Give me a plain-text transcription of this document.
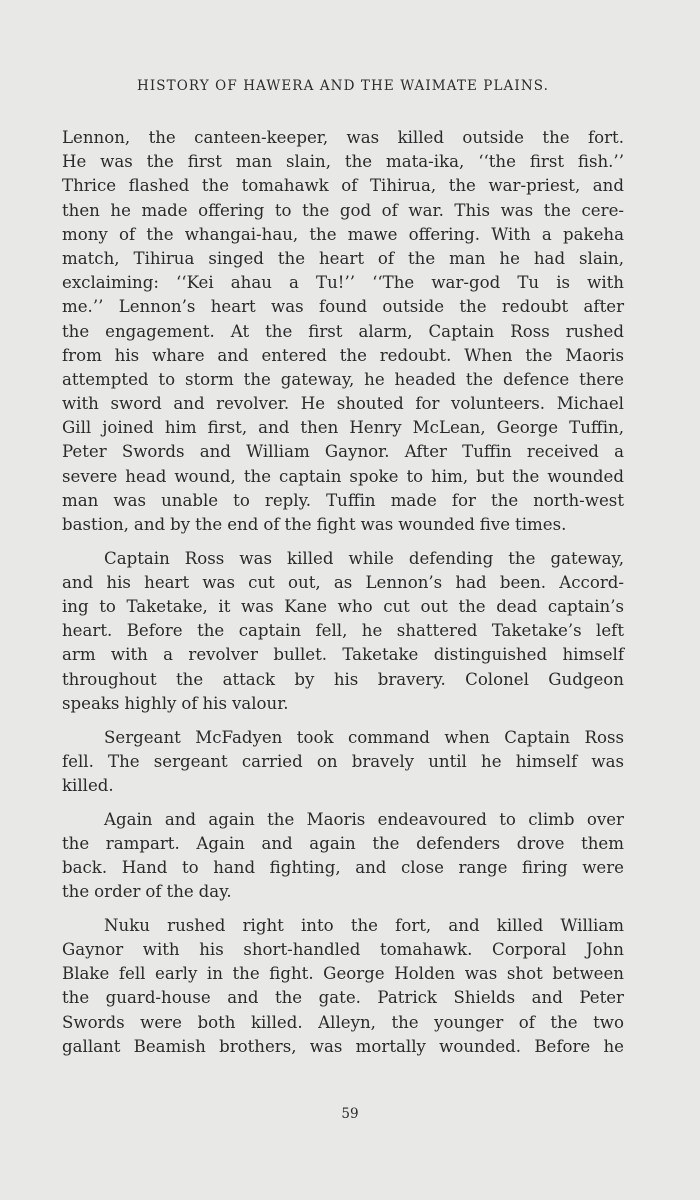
HISTORY OF HAWERA AND THE WAIMATE PLAINS.
Lennon, the canteen-keeper, was killed outside the fort.
He was the first man slain, the mata-ika, ‘‘the first fish.’’
Thrice flashed the tomahawk of Tihirua, the war-priest, and
then he made offering to the god of war. This was the cere-
mony of the whangai-hau, the mawe offering. With a pakeha
match, Tihirua singed the heart of the man he had slain,
exclaiming: ‘‘Kei ahau a Tu!’’ ‘‘The war-god Tu is with
me.’’ Lennon’s heart was found outside the redoubt after
the engagement. At the first alarm, Captain Ross rushed
from his whare and entered the redoubt. When the Maoris
attempted to storm the gateway, he headed the defence there
with sword and revolver. He shouted for volunteers. Michael
Gill joined him first, and then Henry McLean, George Tuffin,
Peter Swords and William Gaynor. After Tuffin received a
severe head wound, the captain spoke to him, but the wounded
man was unable to reply. Tuffin made for the north-west
bastion, and by the end of the fight was wounded five times.
Captain Ross was killed while defending the gateway,
and his heart was cut out, as Lennon’s had been. Accord-
ing to Taketake, it was Kane who cut out the dead captain’s
heart. Before the captain fell, he shattered Taketake’s left
arm with a revolver bullet. Taketake distinguished himself
throughout the attack by his bravery. Colonel Gudgeon
speaks highly of his valour.
Sergeant McFadyen took command when Captain Ross
fell. The sergeant carried on bravely until he himself was
killed.
Again and again the Maoris endeavoured to climb over
the rampart. Again and again the defenders drove them
back. Hand to hand fighting, and close range firing were
the order of the day.
Nuku rushed right into the fort, and killed William
Gaynor with his short-handled tomahawk. Corporal John
Blake fell early in the fight. George Holden was shot between
the guard-house and the gate. Patrick Shields and Peter
Swords were both killed. Alleyn, the younger of the two
gallant Beamish brothers, was mortally wounded. Before he
59
